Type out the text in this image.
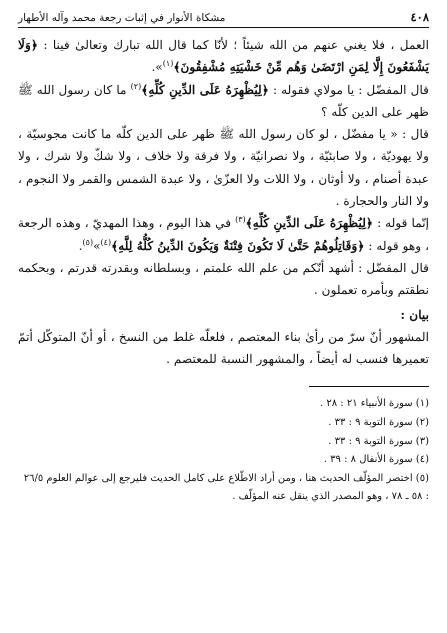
٤٠٨
مشكاة الأنوار في إثبات رجعة محمد وآله الأطهار

العمل ، فلا يغني عنهم من الله شيئاً ؛ لأنّا كما قال الله تبارك وتعالىٰ فينا : ﴿وَلَا يَشْفَعُونَ إِلَّا لِمَنِ ارْتَضَىٰ وَهُم مِّنْ خَشْيَتِهِ مُشْفِقُونَ﴾$^{(١)}$».

قال المفضّل : يا مولاي فقوله : ﴿لِيُظْهِرَهُ عَلَى الدِّينِ كُلِّهِ﴾$^{(٢)}$ ما كان رسول الله ﷺ ظهر على الدين كلّه ؟

قال : « يا مفضّل ، لو كان رسول الله ﷺ ظهر على الدين كلّه ما كانت مجوسيّة ، ولا يهوديّة ، ولا صابئيّة ، ولا نصرانيّة ، ولا فرقة ولا خلاف ، ولا شكّ ولا شرك ، ولا عبدة أصنام ، ولا أوثان ، ولا اللات ولا العزّىٰ ، ولا عبدة الشمس والقمر ولا النجوم ، ولا النار والحجارة .

إنّما قوله : ﴿لِيُظْهِرَهُ عَلَى الدِّينِ كُلِّهِ﴾$^{(٣)}$ في هذا اليوم ، وهذا المهديّ ، وهذه الرجعة ، وهو قوله : ﴿وَقَاتِلُوهُمْ حَتَّىٰ لَا تَكُونَ فِتْنَةٌ وَيَكُونَ الدِّينُ كُلُّهُ لِلَّهِ﴾$^{(٤)}$»$^{(٥)}$.

قال المفضّل : أشهد أنّكم من علم الله علمتم ، وبسلطانه وبقدرته قدرتم ، وبحكمه نطقتم وبأمره تعملون .

بيان :

المشهور أنّ سرّ من رأىٰ بناء المعتصم ، فلعلّه غلط من النسخ ، أو أنّ المتوكّل أتمّ تعميرها فنسب له أيضاً ، والمشهور النسبة للمعتصم .

(١) سورة الأنبياء ٢١ : ٢٨ .

(٢) سورة التوبة ٩ : ٣٣ .

(٣) سورة التوبة ٩ : ٣٣ .

(٤) سورة الأنفال ٨ : ٣٩ .

(٥) اختصر المؤلّف الحديث هنا ، ومن أراد الاطّلاع على كامل الحديث فليرجع إلى عوالم العلوم ٢٦/٥ : ٥٨ ـ ٧٨ ، وهو المصدر الذي ينقل عنه المؤلّف .
